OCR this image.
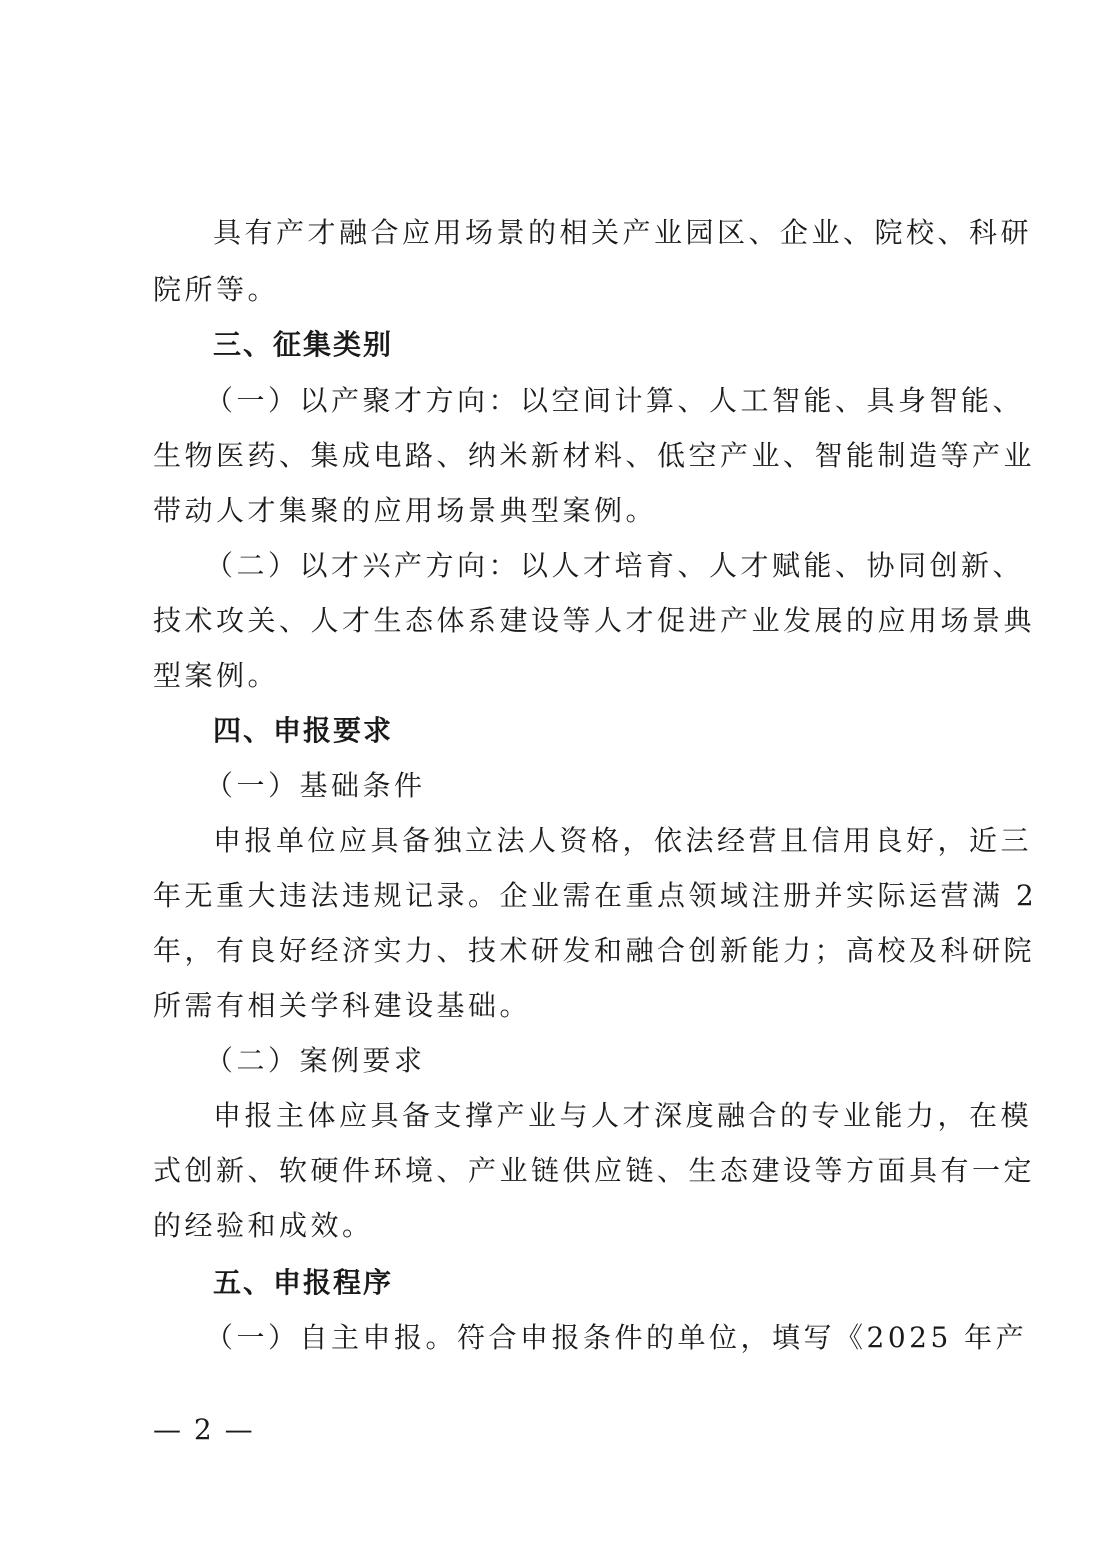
具有产才融合应用场景的相关产业园区、企业、院校、科研
院所等。
三、征集类别
（一）以产聚才方向：以空间计算、人工智能、具身智能、
生物医药、集成电路、纳米新材料、低空产业、智能制造等产业
带动人才集聚的应用场景典型案例。
（二）以才兴产方向：以人才培育、人才赋能、协同创新、
技术攻关、人才生态体系建设等人才促进产业发展的应用场景典
型案例。
四、申报要求
（一）基础条件
申报单位应具备独立法人资格，依法经营且信用良好，近三
年无重大违法违规记录。企业需在重点领域注册并实际运营满 2
年，有良好经济实力、技术研发和融合创新能力；高校及科研院
所需有相关学科建设基础。
（二）案例要求
申报主体应具备支撑产业与人才深度融合的专业能力，在模
式创新、软硬件环境、产业链供应链、生态建设等方面具有一定
的经验和成效。
五、申报程序
（一）自主申报。符合申报条件的单位，填写《2025 年产
— 2 —
